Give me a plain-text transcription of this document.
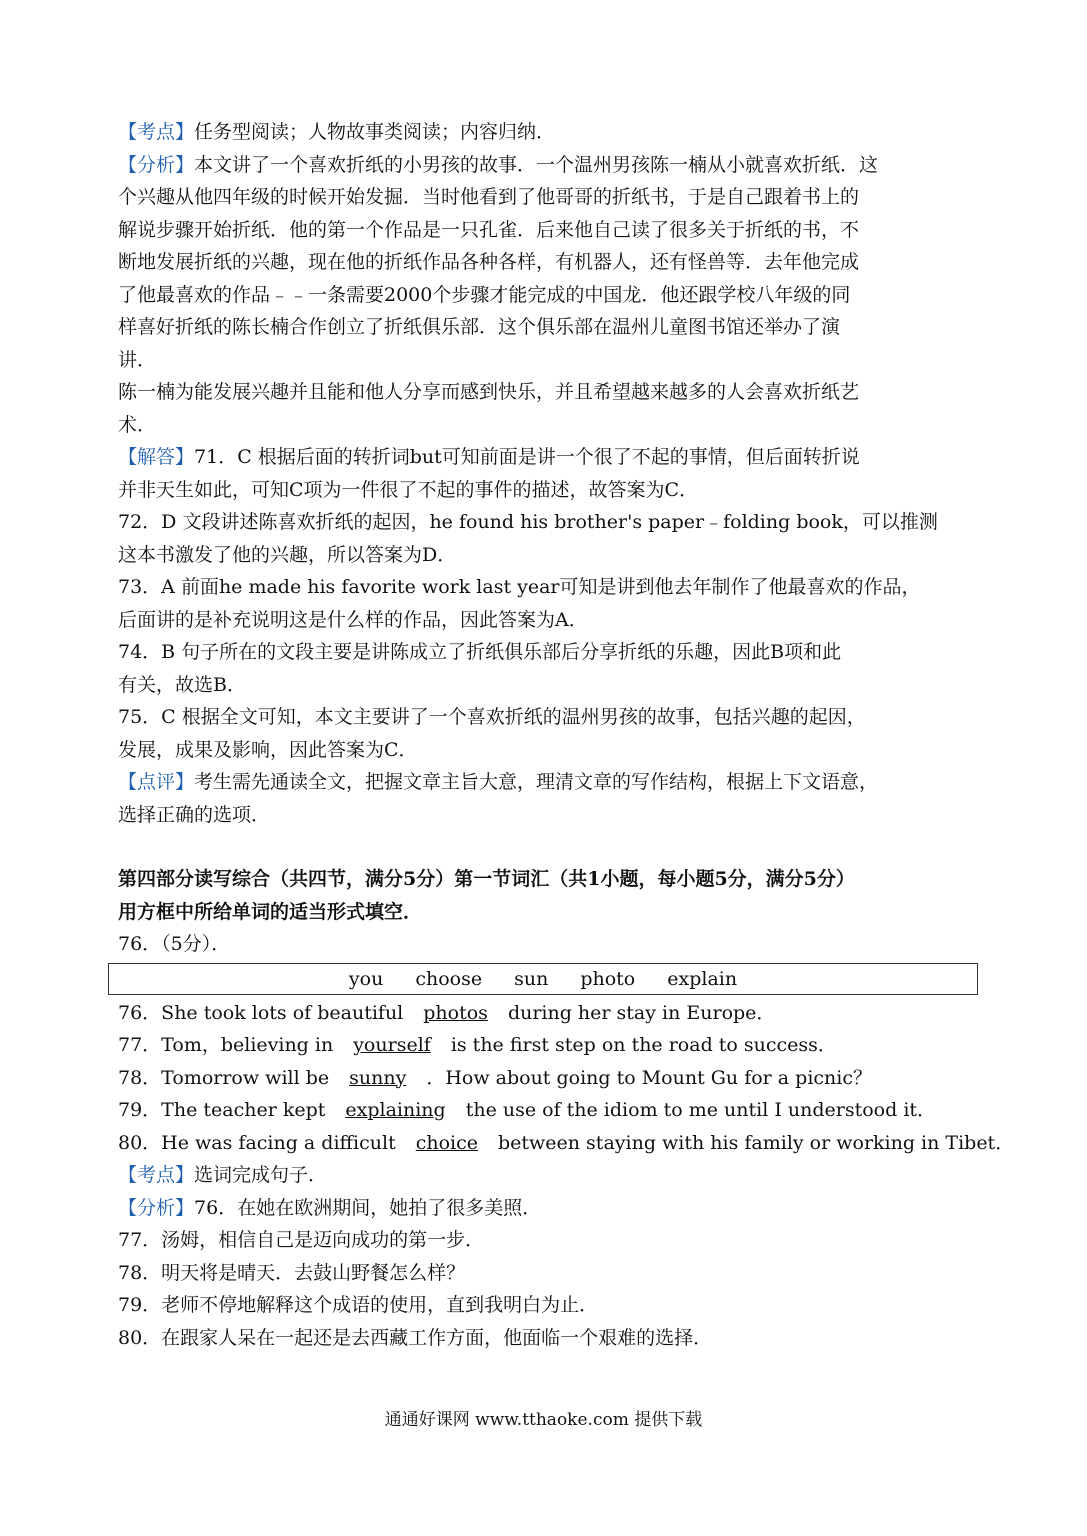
【考点】任务型阅读；人物故事类阅读；内容归纳．
【分析】本文讲了一个喜欢折纸的小男孩的故事．一个温州男孩陈一楠从小就喜欢折纸．这
个兴趣从他四年级的时候开始发掘．当时他看到了他哥哥的折纸书，于是自己跟着书上的
解说步骤开始折纸．他的第一个作品是一只孔雀．后来他自己读了很多关于折纸的书，不
断地发展折纸的兴趣，现在他的折纸作品各种各样，有机器人，还有怪兽等．去年他完成
了他最喜欢的作品﹣﹣一条需要2000个步骤才能完成的中国龙．他还跟学校八年级的同
样喜好折纸的陈长楠合作创立了折纸俱乐部．这个俱乐部在温州儿童图书馆还举办了演
讲．
陈一楠为能发展兴趣并且能和他人分享而感到快乐，并且希望越来越多的人会喜欢折纸艺
术．
【解答】71．C 根据后面的转折词but可知前面是讲一个很了不起的事情，但后面转折说
并非天生如此，可知C项为一件很了不起的事件的描述，故答案为C．
72．D 文段讲述陈喜欢折纸的起因，he found his brother's paper﹣folding book，可以推测
这本书激发了他的兴趣，所以答案为D．
73．A 前面he made his favorite work last year可知是讲到他去年制作了他最喜欢的作品，
后面讲的是补充说明这是什么样的作品，因此答案为A．
74．B 句子所在的文段主要是讲陈成立了折纸俱乐部后分享折纸的乐趣，因此B项和此
有关，故选B．
75．C 根据全文可知，本文主要讲了一个喜欢折纸的温州男孩的故事，包括兴趣的起因，
发展，成果及影响，因此答案为C．
【点评】考生需先通读全文，把握文章主旨大意，理清文章的写作结构，根据上下文语意，
选择正确的选项．
第四部分读写综合（共四节，满分5分）第一节词汇（共1小题，每小题5分，满分5分）
用方框中所给单词的适当形式填空．
76．（5分）．
you choose sun photo explain
76．She took lots of beautiful photos during her stay in Europe．
77．Tom，believing in yourself is the first step on the road to success．
78．Tomorrow will be sunny ．How about going to Mount Gu for a picnic？
79．The teacher kept explaining the use of the idiom to me until I understood it．
80．He was facing a difficult choice between staying with his family or working in Tibet．
【考点】选词完成句子．
【分析】76．在她在欧洲期间，她拍了很多美照．
77．汤姆，相信自己是迈向成功的第一步．
78．明天将是晴天．去鼓山野餐怎么样？
79．老师不停地解释这个成语的使用，直到我明白为止．
80．在跟家人呆在一起还是去西藏工作方面，他面临一个艰难的选择．
通通好课网 www.tthaoke.com 提供下载
